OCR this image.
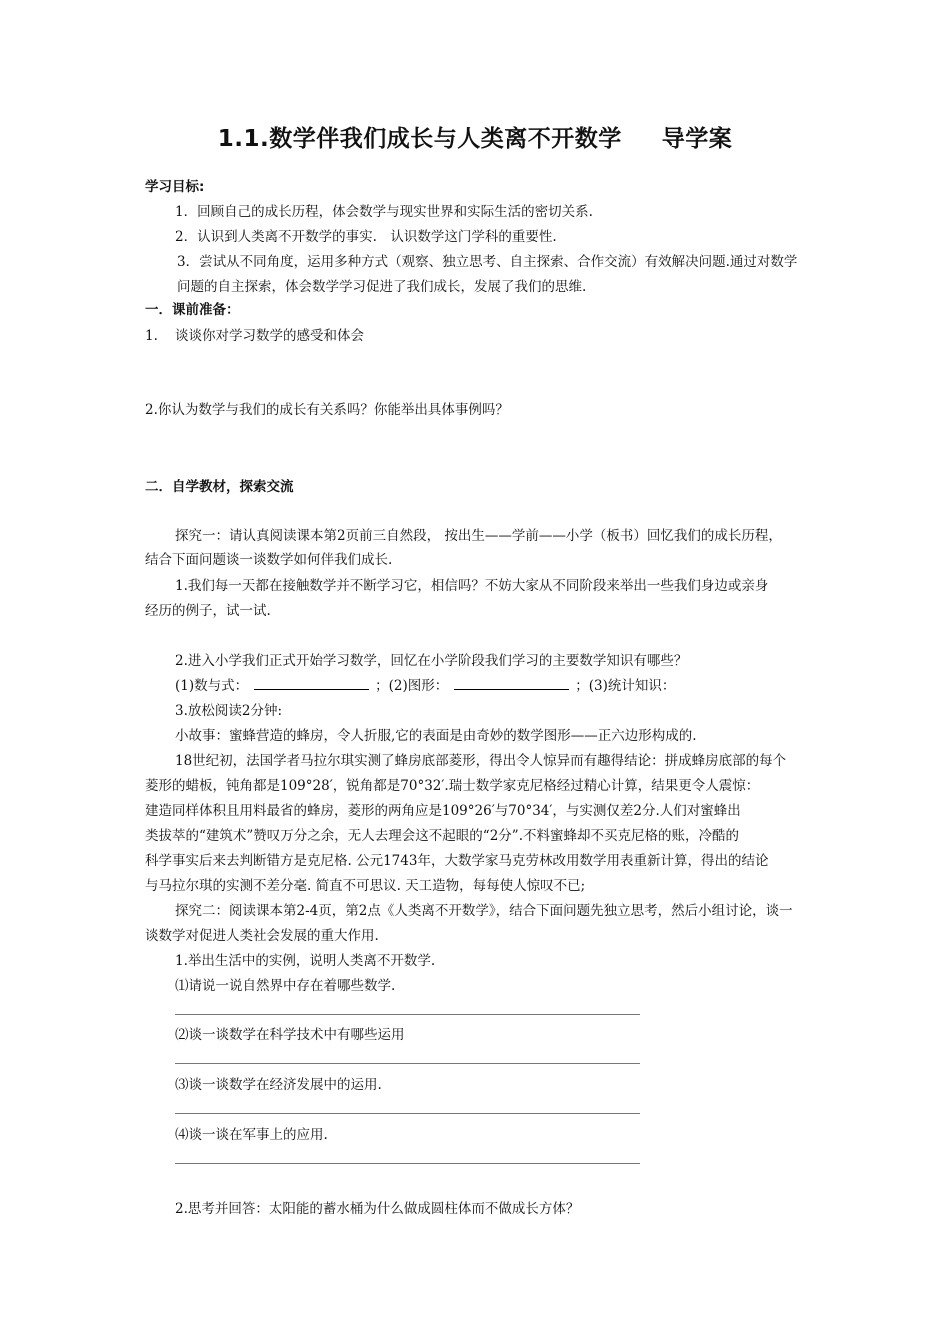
1.1.数学伴我们成长与人类离不开数学 导学案
学习目标:
1．回顾自己的成长历程，体会数学与现实世界和实际生活的密切关系.
2．认识到人类离不开数学的事实.　认识数学这门学科的重要性.
3．尝试从不同角度，运用多种方式（观察、独立思考、自主探索、合作交流）有效解决问题.通过对数学
问题的自主探索，体会数学学习促进了我们成长，发展了我们的思维.
一．课前准备：
1. 谈谈你对学习数学的感受和体会
2.你认为数学与我们的成长有关系吗？你能举出具体事例吗？
二．自学教材，探索交流
探究一：请认真阅读课本第2页前三自然段， 按出生——学前——小学（板书）回忆我们的成长历程，
结合下面问题谈一谈数学如何伴我们成长.
1.我们每一天都在接触数学并不断学习它，相信吗？不妨大家从不同阶段来举出一些我们身边或亲身
经历的例子，试一试.
2.进入小学我们正式开始学习数学，回忆在小学阶段我们学习的主要数学知识有哪些？
(1)数与式：	；(2)图形：	；(3)统计知识：
3.放松阅读2分钟:
小故事：蜜蜂营造的蜂房，令人折服,它的表面是由奇妙的数学图形——正六边形构成的.
18世纪初，法国学者马拉尔琪实测了蜂房底部菱形，得出令人惊异而有趣得结论：拼成蜂房底部的每个
菱形的蜡板，钝角都是109°28′，锐角都是70°32′.瑞士数学家克尼格经过精心计算，结果更令人震惊：
建造同样体积且用料最省的蜂房，菱形的两角应是109°26′与70°34′，与实测仅差2分.人们对蜜蜂出
类拔萃的“建筑术”赞叹万分之余，无人去理会这不起眼的“2分”.不料蜜蜂却不买克尼格的账，冷酷的
科学事实后来去判断错方是克尼格. 公元1743年，大数学家马克劳林改用数学用表重新计算，得出的结论
与马拉尔琪的实测不差分毫. 简直不可思议. 天工造物，每每使人惊叹不已;
探究二：阅读课本第2-4页，第2点《人类离不开数学》，结合下面问题先独立思考，然后小组讨论，谈一
谈数学对促进人类社会发展的重大作用.
1.举出生活中的实例，说明人类离不开数学.
⑴请说一说自然界中存在着哪些数学.
⑵谈一谈数学在科学技术中有哪些运用
⑶谈一谈数学在经济发展中的运用.
⑷谈一谈在军事上的应用.
2.思考并回答：太阳能的蓄水桶为什么做成圆柱体而不做成长方体？
